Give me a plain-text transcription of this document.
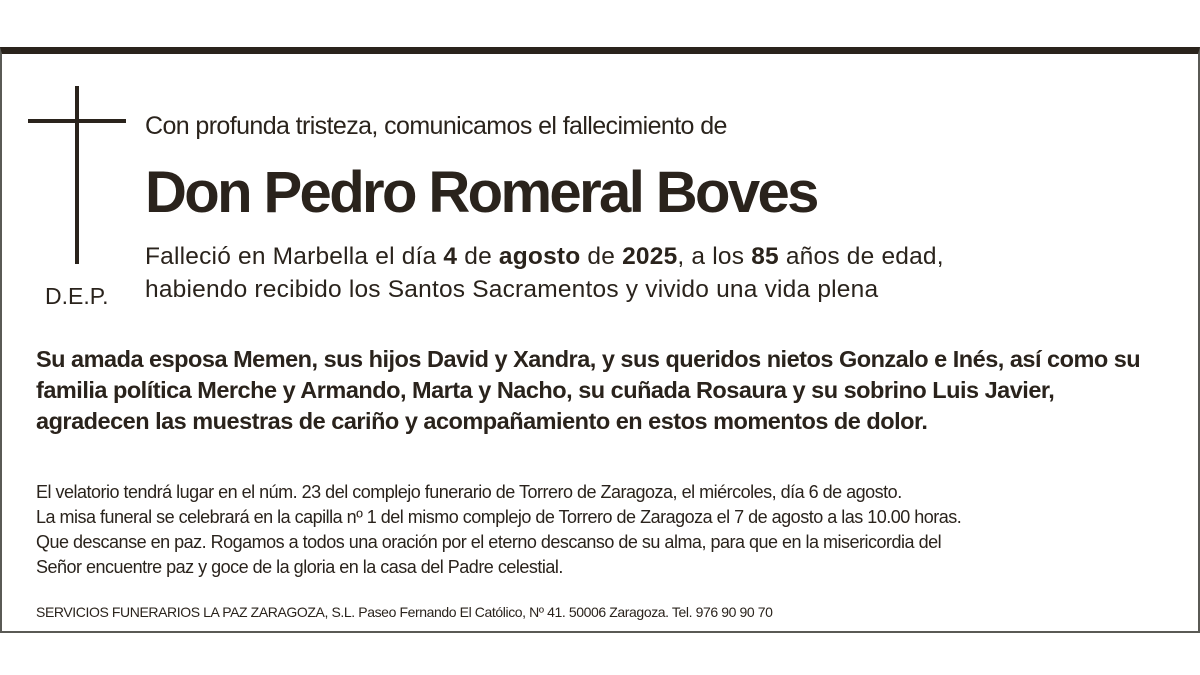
D.E.P.
Con profunda tristeza, comunicamos el fallecimiento de
Don Pedro Romeral Boves
Falleció en Marbella el día 4 de agosto de 2025, a los 85 años de edad,
habiendo recibido los Santos Sacramentos y vivido una vida plena
Su amada esposa Memen, sus hijos David y Xandra, y sus queridos nietos Gonzalo e Inés, así como su familia política Merche y Armando, Marta y Nacho, su cuñada Rosaura y su sobrino Luis Javier, agradecen las muestras de cariño y acompañamiento en estos momentos de dolor.
El velatorio tendrá lugar en el núm. 23 del complejo funerario de Torrero de Zaragoza, el miércoles, día 6 de agosto.
La misa funeral se celebrará en la capilla nº 1 del mismo complejo de Torrero de Zaragoza el 7 de agosto a las 10.00 horas.
Que descanse en paz. Rogamos a todos una oración por el eterno descanso de su alma, para que en la misericordia del
Señor encuentre paz y goce de la gloria en la casa del Padre celestial.
SERVICIOS FUNERARIOS LA PAZ ZARAGOZA, S.L. Paseo Fernando El Católico, Nº 41. 50006 Zaragoza. Tel. 976 90 90 70
